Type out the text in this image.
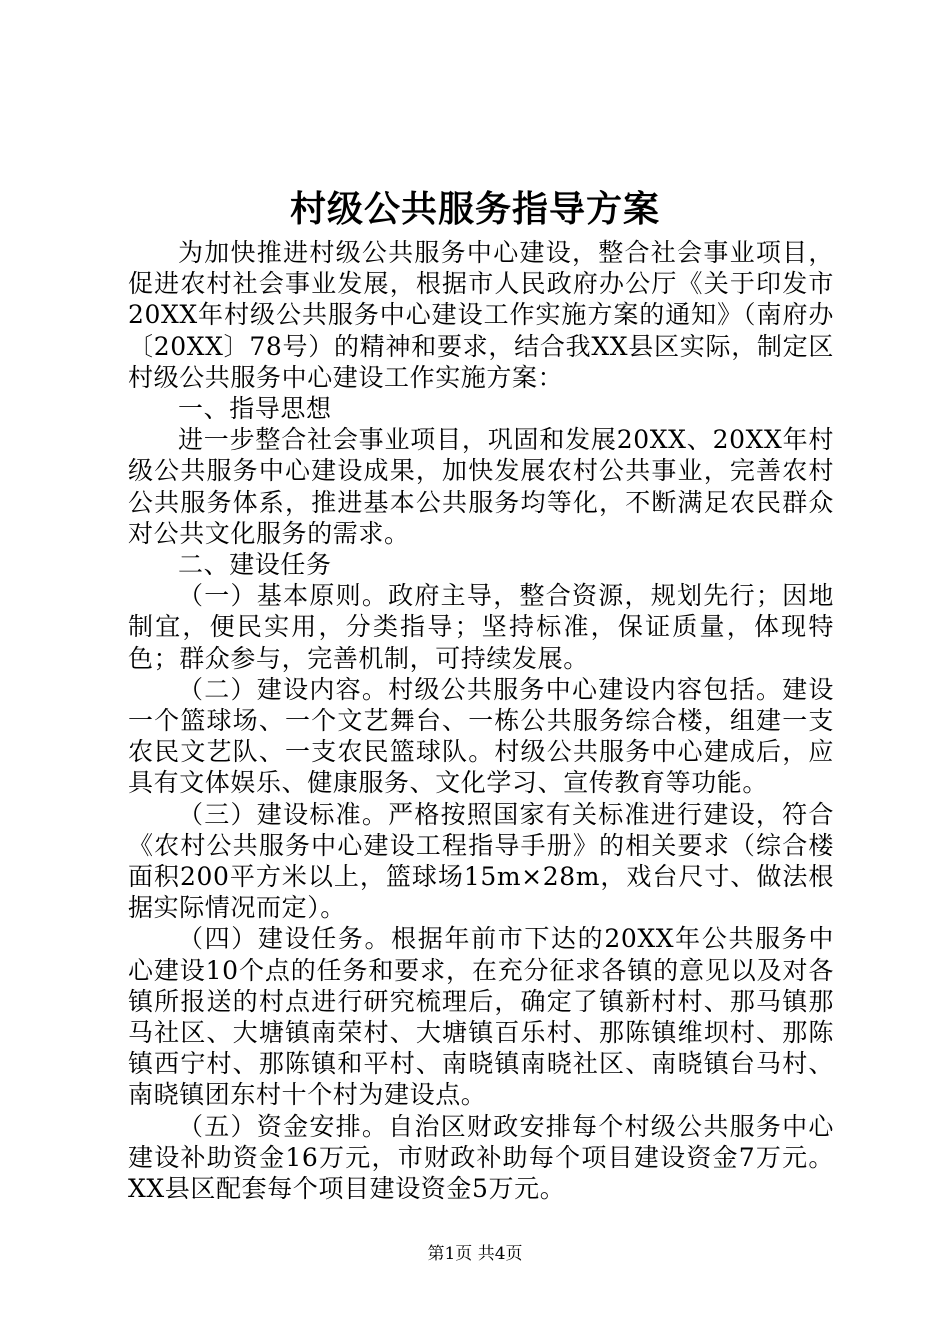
村级公共服务指导方案

为加快推进村级公共服务中心建设，整合社会事业项目，促进农村社会事业发展，根据市人民政府办公厅《关于印发市20XX年村级公共服务中心建设工作实施方案的通知》（南府办〔20XX〕78号）的精神和要求，结合我XX县区实际，制定区村级公共服务中心建设工作实施方案：

一、指导思想

进一步整合社会事业项目，巩固和发展20XX、20XX年村级公共服务中心建设成果，加快发展农村公共事业，完善农村公共服务体系，推进基本公共服务均等化，不断满足农民群众对公共文化服务的需求。

二、建设任务

（一）基本原则。政府主导，整合资源，规划先行；因地制宜，便民实用，分类指导；坚持标准，保证质量，体现特色；群众参与，完善机制，可持续发展。

（二）建设内容。村级公共服务中心建设内容包括。建设一个篮球场、一个文艺舞台、一栋公共服务综合楼，组建一支农民文艺队、一支农民篮球队。村级公共服务中心建成后，应具有文体娱乐、健康服务、文化学习、宣传教育等功能。

（三）建设标准。严格按照国家有关标准进行建设，符合《农村公共服务中心建设工程指导手册》的相关要求（综合楼面积200平方米以上，篮球场15m×28m，戏台尺寸、做法根据实际情况而定）。

（四）建设任务。根据年前市下达的20XX年公共服务中心建设10个点的任务和要求，在充分征求各镇的意见以及对各镇所报送的村点进行研究梳理后，确定了镇新村村、那马镇那马社区、大塘镇南荣村、大塘镇百乐村、那陈镇维坝村、那陈镇西宁村、那陈镇和平村、南晓镇南晓社区、南晓镇台马村、南晓镇团东村十个村为建设点。

（五）资金安排。自治区财政安排每个村级公共服务中心建设补助资金16万元，市财政补助每个项目建设资金7万元。XX县区配套每个项目建设资金5万元。

第1页 共4页
